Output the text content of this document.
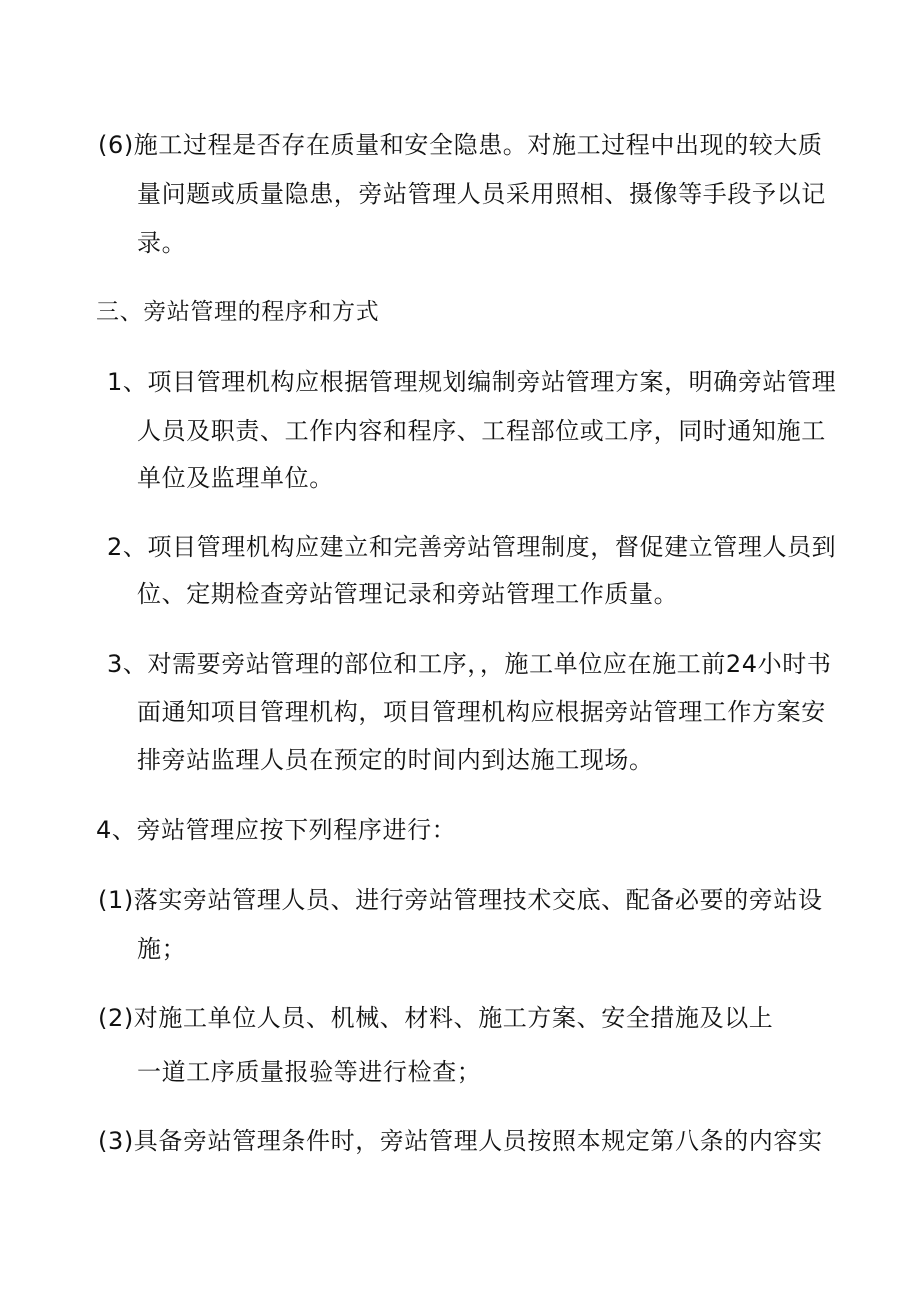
(6)施工过程是否存在质量和安全隐患。对施工过程中出现的较大质
量问题或质量隐患，旁站管理人员采用照相、摄像等手段予以记
录。
三、旁站管理的程序和方式
1、项目管理机构应根据管理规划编制旁站管理方案，明确旁站管理
人员及职责、工作内容和程序、工程部位或工序，同时通知施工
单位及监理单位。
2、项目管理机构应建立和完善旁站管理制度，督促建立管理人员到
位、定期检查旁站管理记录和旁站管理工作质量。
3、对需要旁站管理的部位和工序，，施工单位应在施工前24小时书
面通知项目管理机构，项目管理机构应根据旁站管理工作方案安
排旁站监理人员在预定的时间内到达施工现场。
4、旁站管理应按下列程序进行：
(1)落实旁站管理人员、进行旁站管理技术交底、配备必要的旁站设
施；
(2)对施工单位人员、机械、材料、施工方案、安全措施及以上
一道工序质量报验等进行检查；
(3)具备旁站管理条件时，旁站管理人员按照本规定第八条的内容实
